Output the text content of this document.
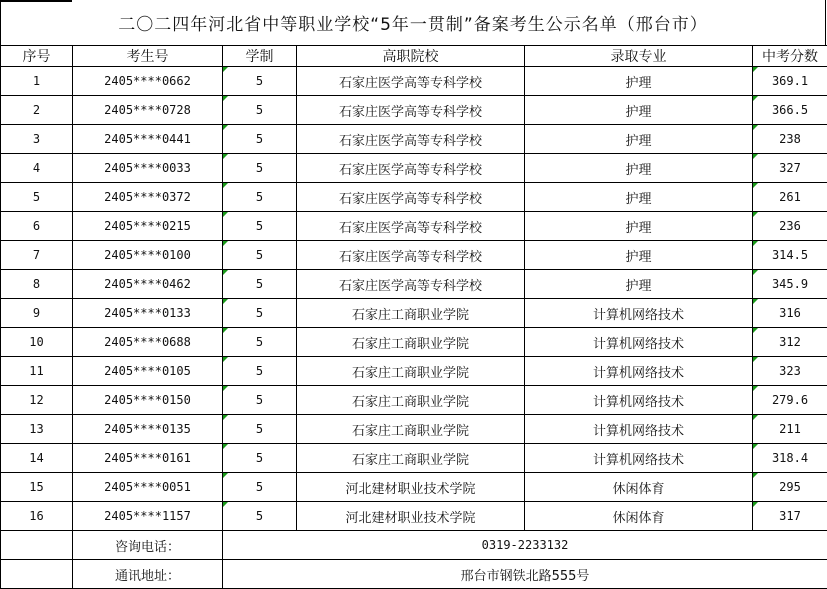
二〇二四年河北省中等职业学校“5年一贯制”备案考生公示名单（邢台市）
序号	考生号	学制	高职院校	录取专业	中考分数
1	2405****0662	5	石家庄医学高等专科学校	护理	369.1
2	2405****0728	5	石家庄医学高等专科学校	护理	366.5
3	2405****0441	5	石家庄医学高等专科学校	护理	238
4	2405****0033	5	石家庄医学高等专科学校	护理	327
5	2405****0372	5	石家庄医学高等专科学校	护理	261
6	2405****0215	5	石家庄医学高等专科学校	护理	236
7	2405****0100	5	石家庄医学高等专科学校	护理	314.5
8	2405****0462	5	石家庄医学高等专科学校	护理	345.9
9	2405****0133	5	石家庄工商职业学院	计算机网络技术	316
10	2405****0688	5	石家庄工商职业学院	计算机网络技术	312
11	2405****0105	5	石家庄工商职业学院	计算机网络技术	323
12	2405****0150	5	石家庄工商职业学院	计算机网络技术	279.6
13	2405****0135	5	石家庄工商职业学院	计算机网络技术	211
14	2405****0161	5	石家庄工商职业学院	计算机网络技术	318.4
15	2405****0051	5	河北建材职业技术学院	休闲体育	295
16	2405****1157	5	河北建材职业技术学院	休闲体育	317
	咨询电话：	0319-2233132			
	通讯地址：	邢台市钢铁北路555号			
